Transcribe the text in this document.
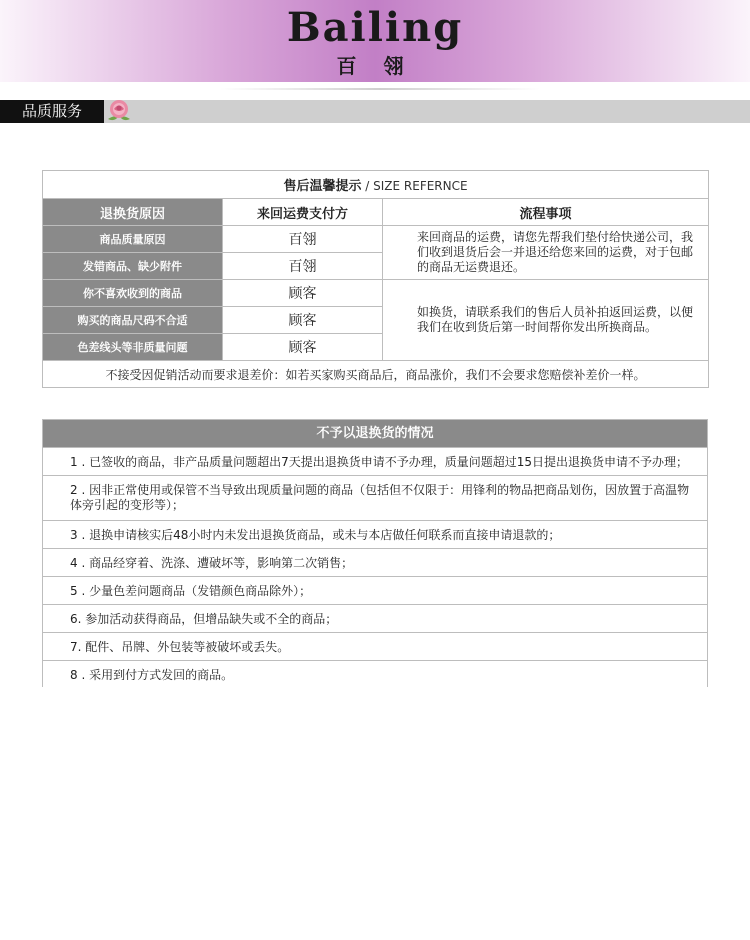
Bailing
百 翎
品质服务
售后温馨提示 / SIZE REFERNCE		
退换货原因	来回运费支付方	流程事项
商品质量原因	百翎	来回商品的运费，请您先帮我们垫付给快递公司，我们收到退货后会一并退还给您来回的运费，对于包邮的商品无运费退还。
发错商品、缺少附件	百翎	
你不喜欢收到的商品	顾客	如换货，请联系我们的售后人员补拍返回运费，以便我们在收到货后第一时间帮你发出所换商品。
购买的商品尺码不合适	顾客	
色差线头等非质量问题	顾客	
不接受因促销活动而要求退差价：如若买家购买商品后，商品涨价，我们不会要求您赔偿补差价一样。		
不予以退换货的情况
1 . 已签收的商品，非产品质量问题超出7天提出退换货申请不予办理，质量问题超过15日提出退换货申请不予办理；
2 . 因非正常使用或保管不当导致出现质量问题的商品（包括但不仅限于：用锋利的物品把商品划伤，因放置于高温物体旁引起的变形等）；
3 . 退换申请核实后48小时内未发出退换货商品，或未与本店做任何联系而直接申请退款的；
4 . 商品经穿着、洗涤、遭破坏等，影响第二次销售；
5 . 少量色差问题商品（发错颜色商品除外）；
6. 参加活动获得商品，但增品缺失或不全的商品；
7. 配件、吊牌、外包装等被破坏或丢失。
8 . 采用到付方式发回的商品。
